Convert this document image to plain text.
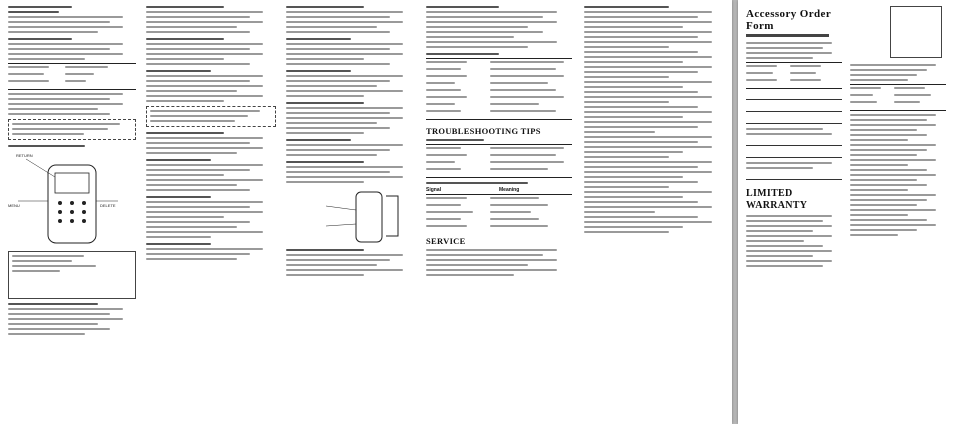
RETURN
MENU	DELETE
TROUBLESHOOTING TIPS
Signal	Meaning
SERVICE
Accessory Order Form
LIMITED WARRANTY
